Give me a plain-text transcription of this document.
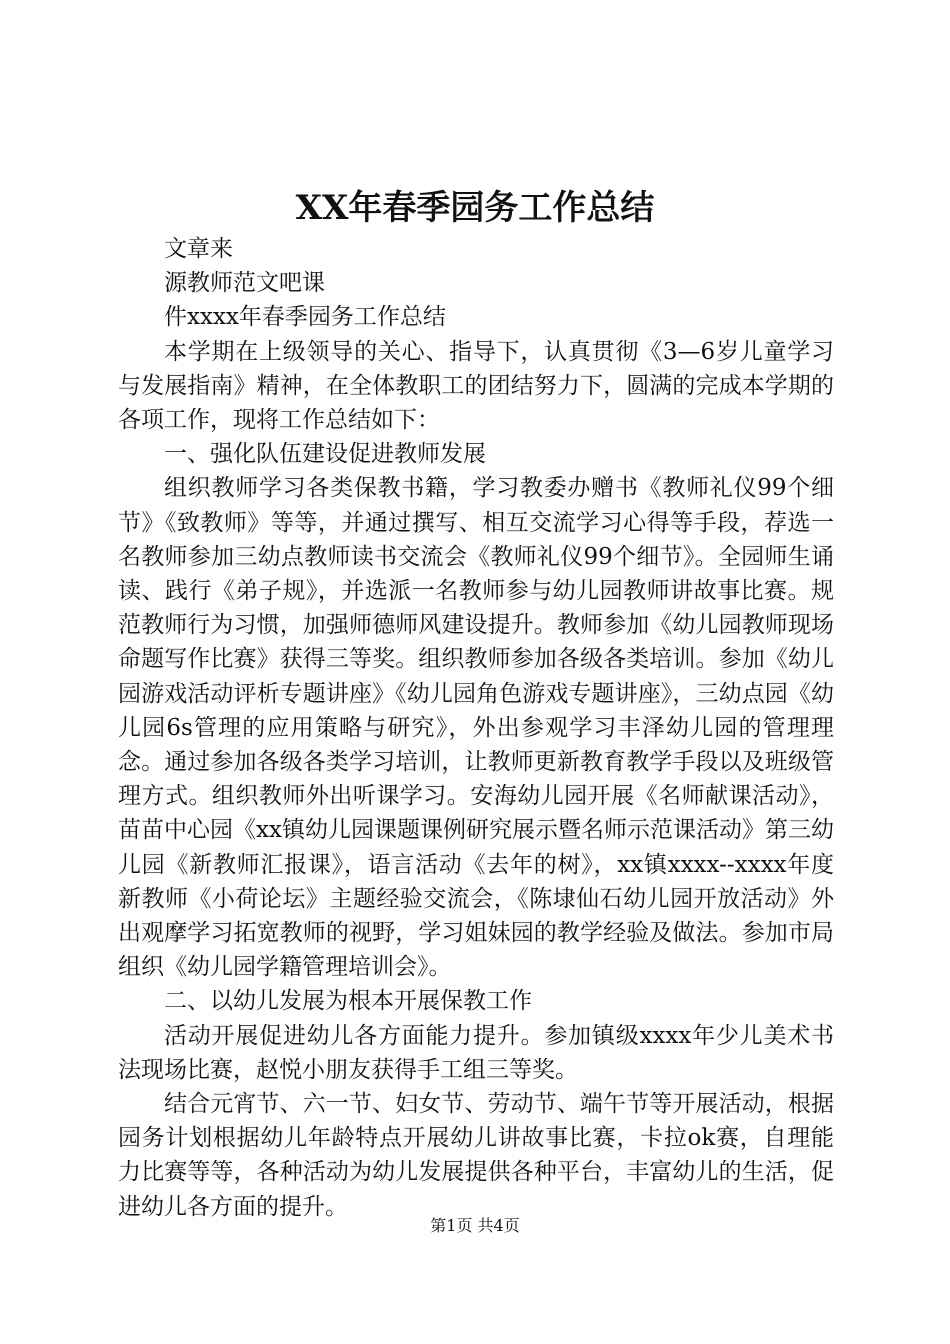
XX年春季园务工作总结

文章来

源教师范文吧课

件xxxx年春季园务工作总结

本学期在上级领导的关心、指导下，认真贯彻《3—6岁儿童学习与发展指南》精神，在全体教职工的团结努力下，圆满的完成本学期的各项工作，现将工作总结如下：

一、强化队伍建设促进教师发展

组织教师学习各类保教书籍，学习教委办赠书《教师礼仪99个细节》《致教师》等等，并通过撰写、相互交流学习心得等手段，荐选一名教师参加三幼点教师读书交流会《教师礼仪99个细节》。全园师生诵读、践行《弟子规》，并选派一名教师参与幼儿园教师讲故事比赛。规范教师行为习惯，加强师德师风建设提升。教师参加《幼儿园教师现场命题写作比赛》获得三等奖。组织教师参加各级各类培训。参加《幼儿园游戏活动评析专题讲座》《幼儿园角色游戏专题讲座》，三幼点园《幼儿园6s管理的应用策略与研究》，外出参观学习丰泽幼儿园的管理理念。通过参加各级各类学习培训，让教师更新教育教学手段以及班级管理方式。组织教师外出听课学习。安海幼儿园开展《名师献课活动》，苗苗中心园《xx镇幼儿园课题课例研究展示暨名师示范课活动》第三幼儿园《新教师汇报课》，语言活动《去年的树》，xx镇xxxx--xxxx年度新教师《小荷论坛》主题经验交流会，《陈埭仙石幼儿园开放活动》外出观摩学习拓宽教师的视野，学习姐妹园的教学经验及做法。参加市局组织《幼儿园学籍管理培训会》。

二、以幼儿发展为根本开展保教工作

活动开展促进幼儿各方面能力提升。参加镇级xxxx年少儿美术书法现场比赛，赵悦小朋友获得手工组三等奖。

结合元宵节、六一节、妇女节、劳动节、端午节等开展活动，根据园务计划根据幼儿年龄特点开展幼儿讲故事比赛，卡拉ok赛，自理能力比赛等等，各种活动为幼儿发展提供各种平台，丰富幼儿的生活，促进幼儿各方面的提升。

第1页 共4页
